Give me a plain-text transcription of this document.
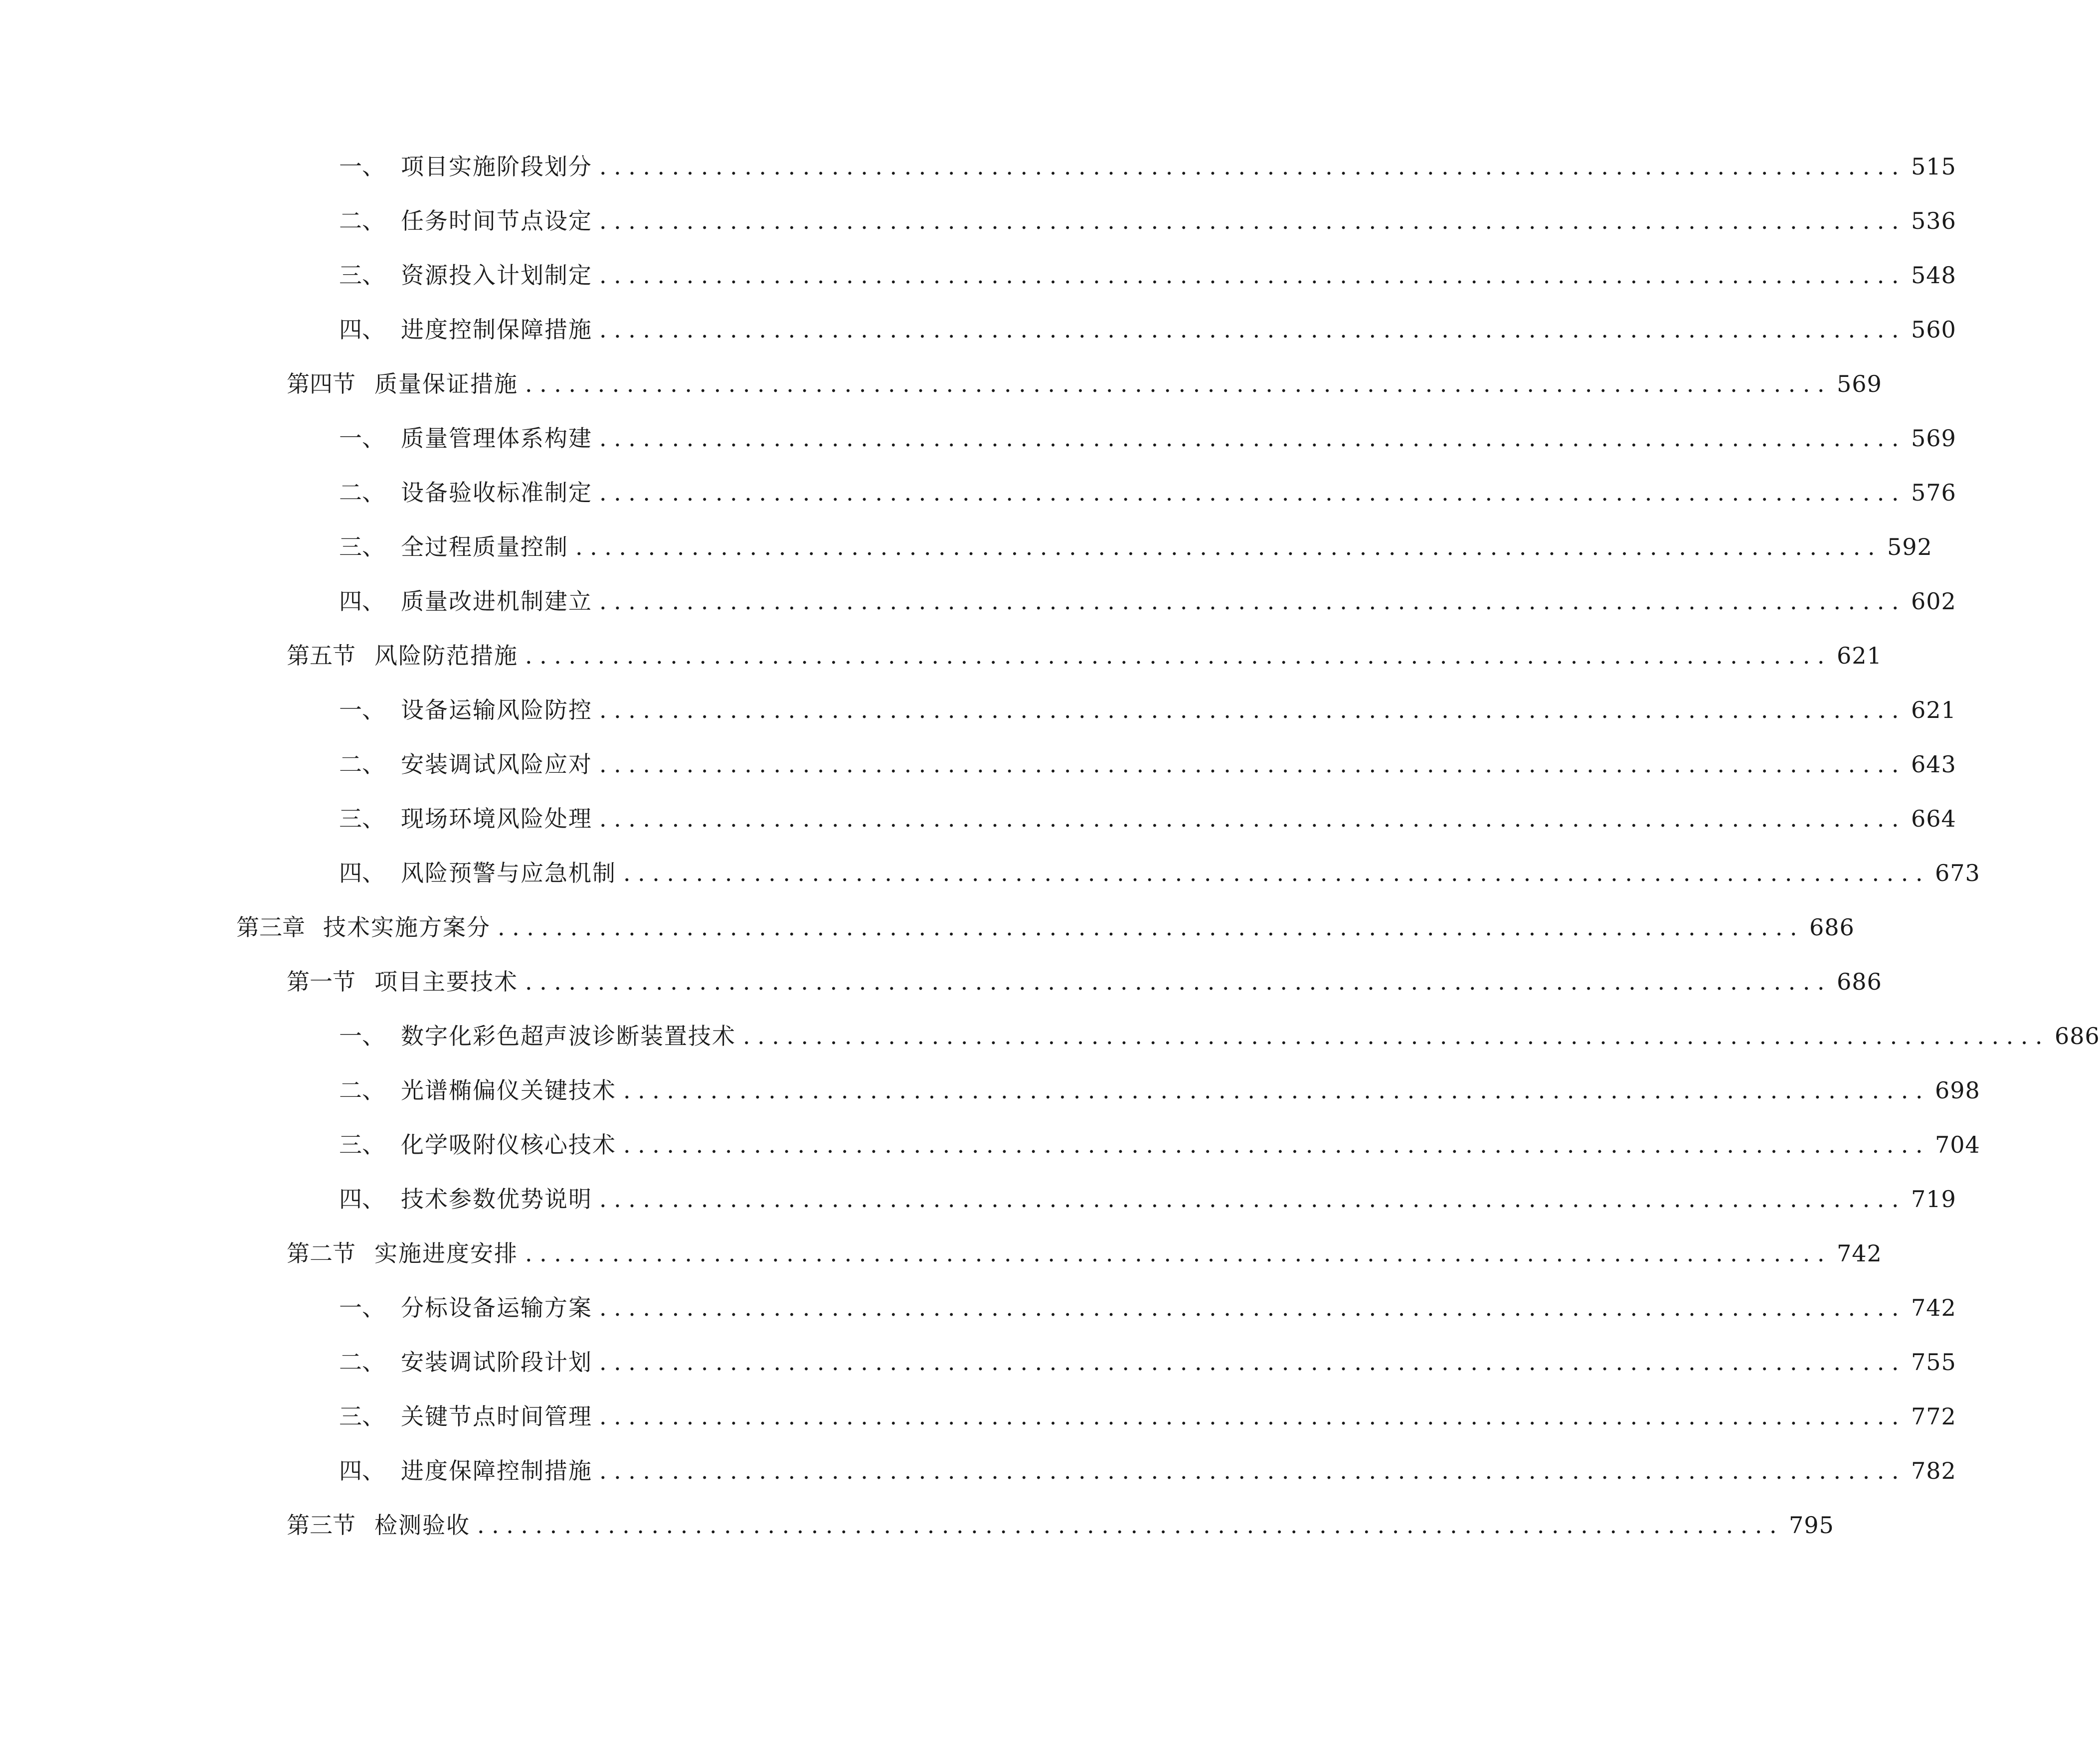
一、 项目实施阶段划分 .......................................................................................... 515
二、 任务时间节点设定 .......................................................................................... 536
三、 资源投入计划制定 .......................................................................................... 548
四、 进度控制保障措施 .......................................................................................... 560
第四节 质量保证措施 .......................................................................................... 569
一、 质量管理体系构建 .......................................................................................... 569
二、 设备验收标准制定 .......................................................................................... 576
三、 全过程质量控制 .......................................................................................... 592
四、 质量改进机制建立 .......................................................................................... 602
第五节 风险防范措施 .......................................................................................... 621
一、 设备运输风险防控 .......................................................................................... 621
二、 安装调试风险应对 .......................................................................................... 643
三、 现场环境风险处理 .......................................................................................... 664
四、 风险预警与应急机制 .......................................................................................... 673
第三章 技术实施方案分 .......................................................................................... 686
第一节 项目主要技术 .......................................................................................... 686
一、 数字化彩色超声波诊断装置技术 .......................................................................................... 686
二、 光谱椭偏仪关键技术 .......................................................................................... 698
三、 化学吸附仪核心技术 .......................................................................................... 704
四、 技术参数优势说明 .......................................................................................... 719
第二节 实施进度安排 .......................................................................................... 742
一、 分标设备运输方案 .......................................................................................... 742
二、 安装调试阶段计划 .......................................................................................... 755
三、 关键节点时间管理 .......................................................................................... 772
四、 进度保障控制措施 .......................................................................................... 782
第三节 检测验收 .......................................................................................... 795
